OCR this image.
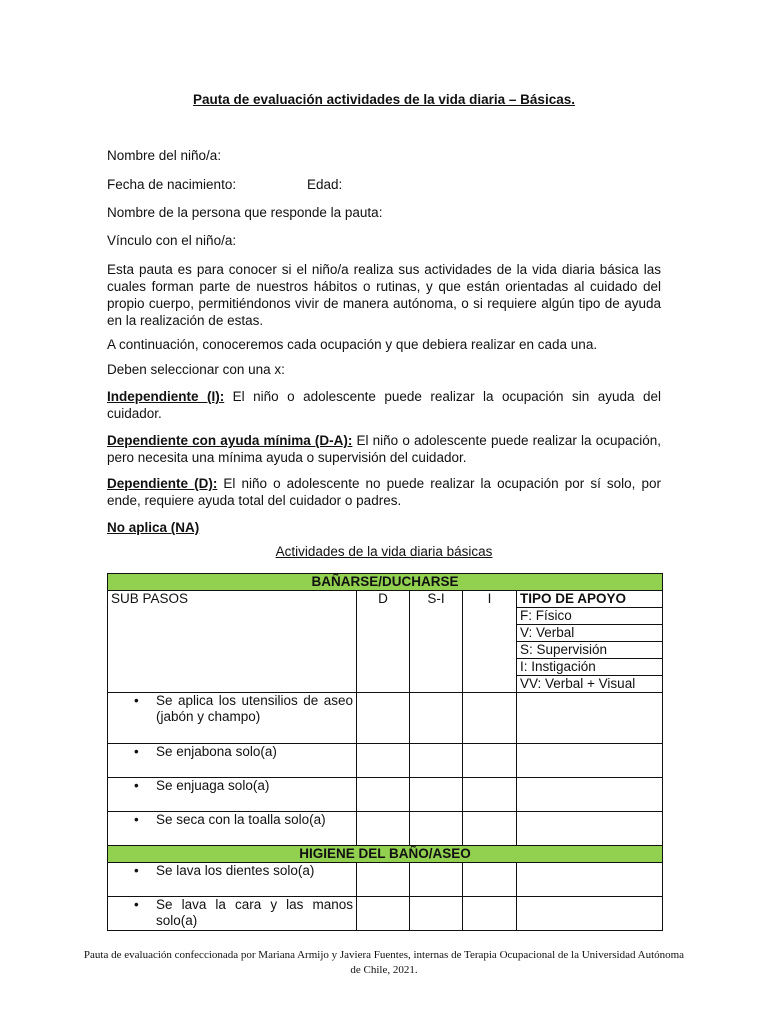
Pauta de evaluación actividades de la vida diaria – Básicas.
Nombre del niño/a:
Fecha de nacimiento:	Edad:
Nombre de la persona que responde la pauta:
Vínculo con el niño/a:
Esta pauta es para conocer si el niño/a realiza sus actividades de la vida diaria básica las cuales forman parte de nuestros hábitos o rutinas, y que están orientadas al cuidado del propio cuerpo, permitiéndonos vivir de manera autónoma, o si requiere algún tipo de ayuda en la realización de estas.
A continuación, conoceremos cada ocupación y que debiera realizar en cada una.
Deben seleccionar con una x:
Independiente (I): El niño o adolescente puede realizar la ocupación sin ayuda del cuidador.
Dependiente con ayuda mínima (D-A): El niño o adolescente puede realizar la ocupación, pero necesita una mínima ayuda o supervisión del cuidador.
Dependiente (D): El niño o adolescente no puede realizar la ocupación por sí solo, por ende, requiere ayuda total del cuidador o padres.
No aplica (NA)
Actividades de la vida diaria básicas
BAÑARSE/DUCHARSE
SUB PASOS	D	S-I	I	TIPO DE APOYO
F: Físico
V: Verbal
S: Supervisión
I: Instigación
VV: Verbal + Visual

• Se aplica los utensilios de aseo (jabón y champo)				

• Se enjabona solo(a)				

• Se enjuaga solo(a)				

• Se seca con la toalla solo(a)				
HIGIENE DEL BAÑO/ASEO

• Se lava los dientes solo(a)				

• Se lava la cara y las manos solo(a)				
Pauta de evaluación confeccionada por Mariana Armijo y Javiera Fuentes, internas de Terapia Ocupacional de la Universidad Autónoma de Chile, 2021.
